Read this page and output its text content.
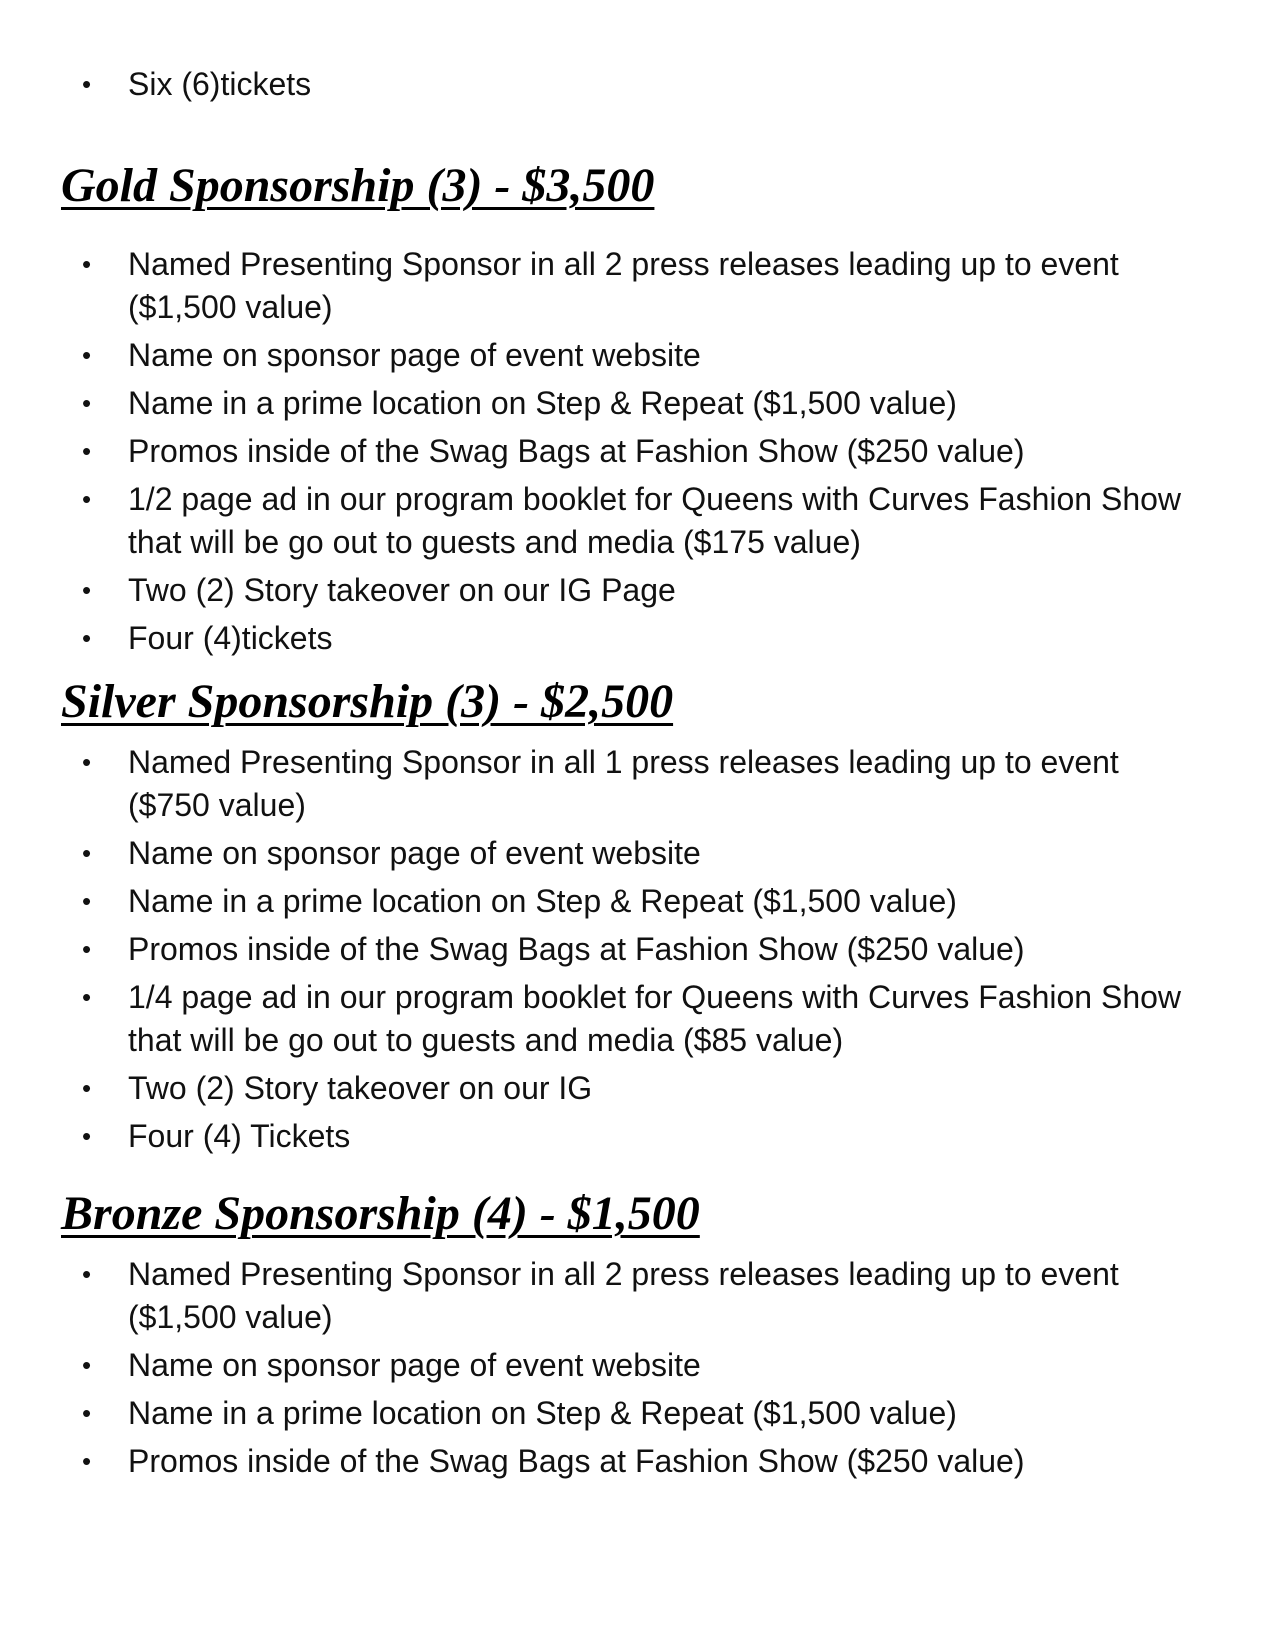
• Six (6)tickets
Gold Sponsorship (3) - $3,500
• Named Presenting Sponsor in all 2 press releases leading up to event
($1,500 value)
• Name on sponsor page of event website
• Name in a prime location on Step & Repeat ($1,500 value)
• Promos inside of the Swag Bags at Fashion Show ($250 value)
• 1/2 page ad in our program booklet for Queens with Curves Fashion Show
that will be go out to guests and media ($175 value)
• Two (2) Story takeover on our IG Page
• Four (4)tickets
Silver Sponsorship (3) - $2,500
• Named Presenting Sponsor in all 1 press releases leading up to event
($750 value)
• Name on sponsor page of event website
• Name in a prime location on Step & Repeat ($1,500 value)
• Promos inside of the Swag Bags at Fashion Show ($250 value)
• 1/4 page ad in our program booklet for Queens with Curves Fashion Show
that will be go out to guests and media ($85 value)
• Two (2) Story takeover on our IG
• Four (4) Tickets
Bronze Sponsorship (4) - $1,500
• Named Presenting Sponsor in all 2 press releases leading up to event
($1,500 value)
• Name on sponsor page of event website
• Name in a prime location on Step & Repeat ($1,500 value)
• Promos inside of the Swag Bags at Fashion Show ($250 value)
